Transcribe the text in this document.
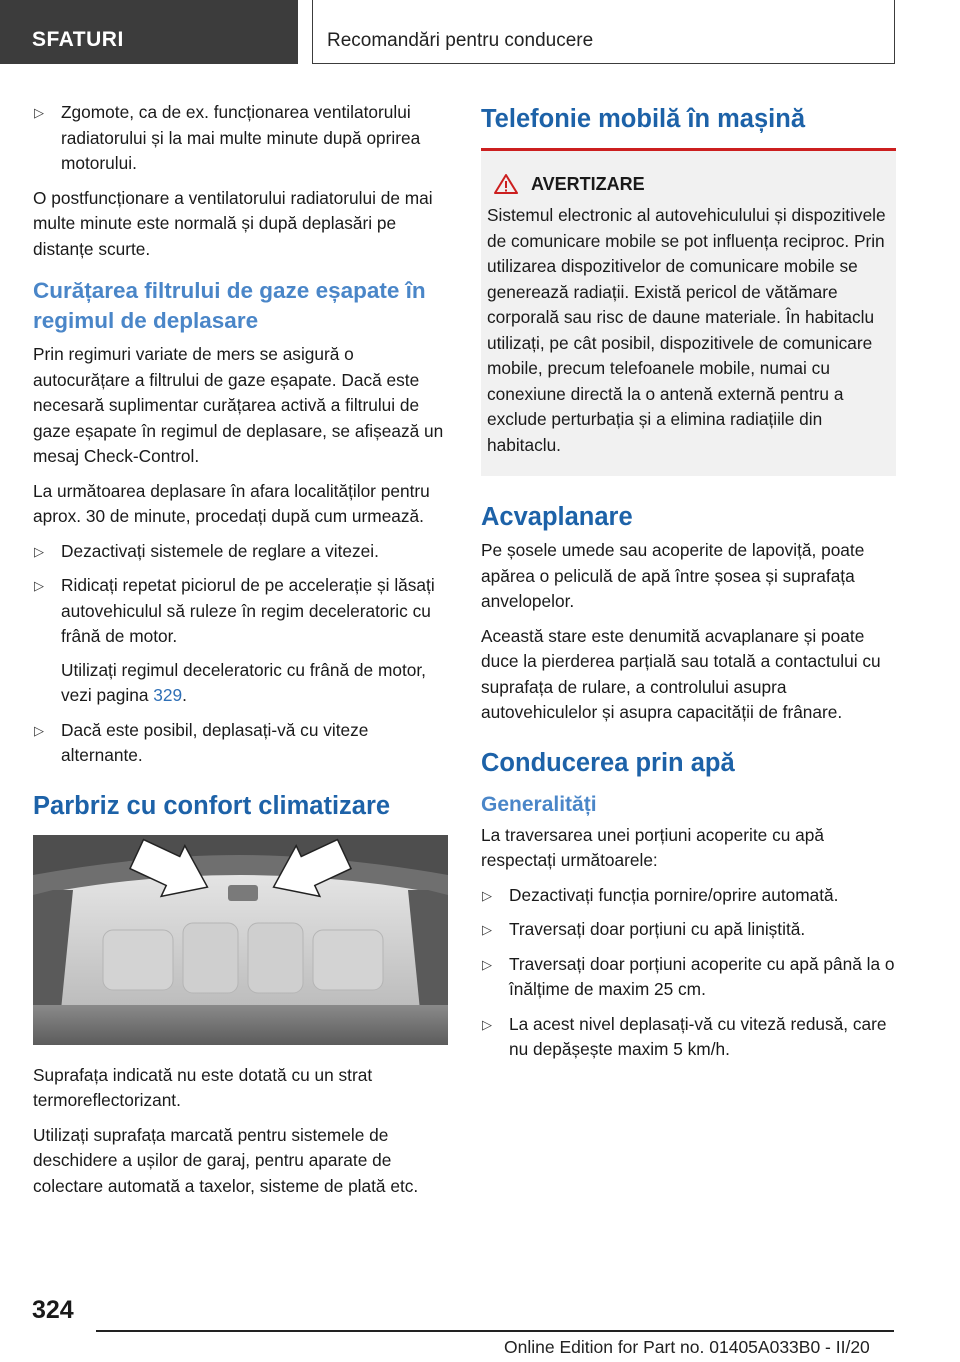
SFATURI	Recomandări pentru conducere
▷ Zgomote, ca de ex. funcționarea ventilatorului radiatorului și la mai multe minute după oprirea motorului.

O postfuncționare a ventilatorului radiatorului de mai multe minute este normală și după deplasări pe distanțe scurte.

Curățarea filtrului de gaze eșapate în regimul de deplasare

Prin regimuri variate de mers se asigură o autocurățare a filtrului de gaze eșapate. Dacă este necesară suplimentar curățarea activă a filtrului de gaze eșapate în regimul de deplasare, se afișează un mesaj Check-Control.

La următoarea deplasare în afara localităților pentru aprox. 30 de minute, procedați după cum urmează.

▷ Dezactivați sistemele de reglare a vitezei.
▷ Ridicați repetat piciorul de pe accelerație și lăsați autovehiculul să ruleze în regim deceleratoric cu frână de motor.
Utilizați regimul deceleratoric cu frână de motor, vezi pagina 329.
▷ Dacă este posibil, deplasați-vă cu viteze alternante.
Parbriz cu confort climatizare

Suprafața indicată nu este dotată cu un strat termoreflectorizant.

Utilizați suprafața marcată pentru sistemele de deschidere a ușilor de garaj, pentru aparate de colectare automată a taxelor, sisteme de plată etc.

Telefonie mobilă în mașină
AVERTIZARE

Sistemul electronic al autovehiculului și dispozitivele de comunicare mobile se pot influența reciproc. Prin utilizarea dispozitivelor de comunicare mobile se generează radiații. Există pericol de vătămare corporală sau risc de daune materiale. În habitaclu utilizați, pe cât posibil, dispozitivele de comunicare mobile, precum telefoanele mobile, numai cu conexiune directă la o antenă externă pentru a exclude perturbația și a elimina radiațiile din habitaclu.

Acvaplanare

Pe șosele umede sau acoperite de lapoviță, poate apărea o peliculă de apă între șosea și suprafața anvelopelor.

Această stare este denumită acvaplanare și poate duce la pierderea parțială sau totală a contactului cu suprafața de rulare, a controlului asupra autovehiculelor și asupra capacității de frânare.

Conducerea prin apă
Generalități

La traversarea unei porțiuni acoperite cu apă respectați următoarele:

▷ Dezactivați funcția pornire/oprire automată.
▷ Traversați doar porțiuni cu apă liniștită.
▷ Traversați doar porțiuni acoperite cu apă până la o înălțime de maxim 25 cm.
▷ La acest nivel deplasați-vă cu viteză redusă, care nu depășește maxim 5 km/h.
324
Online Edition for Part no. 01405A033B0 - II/20
